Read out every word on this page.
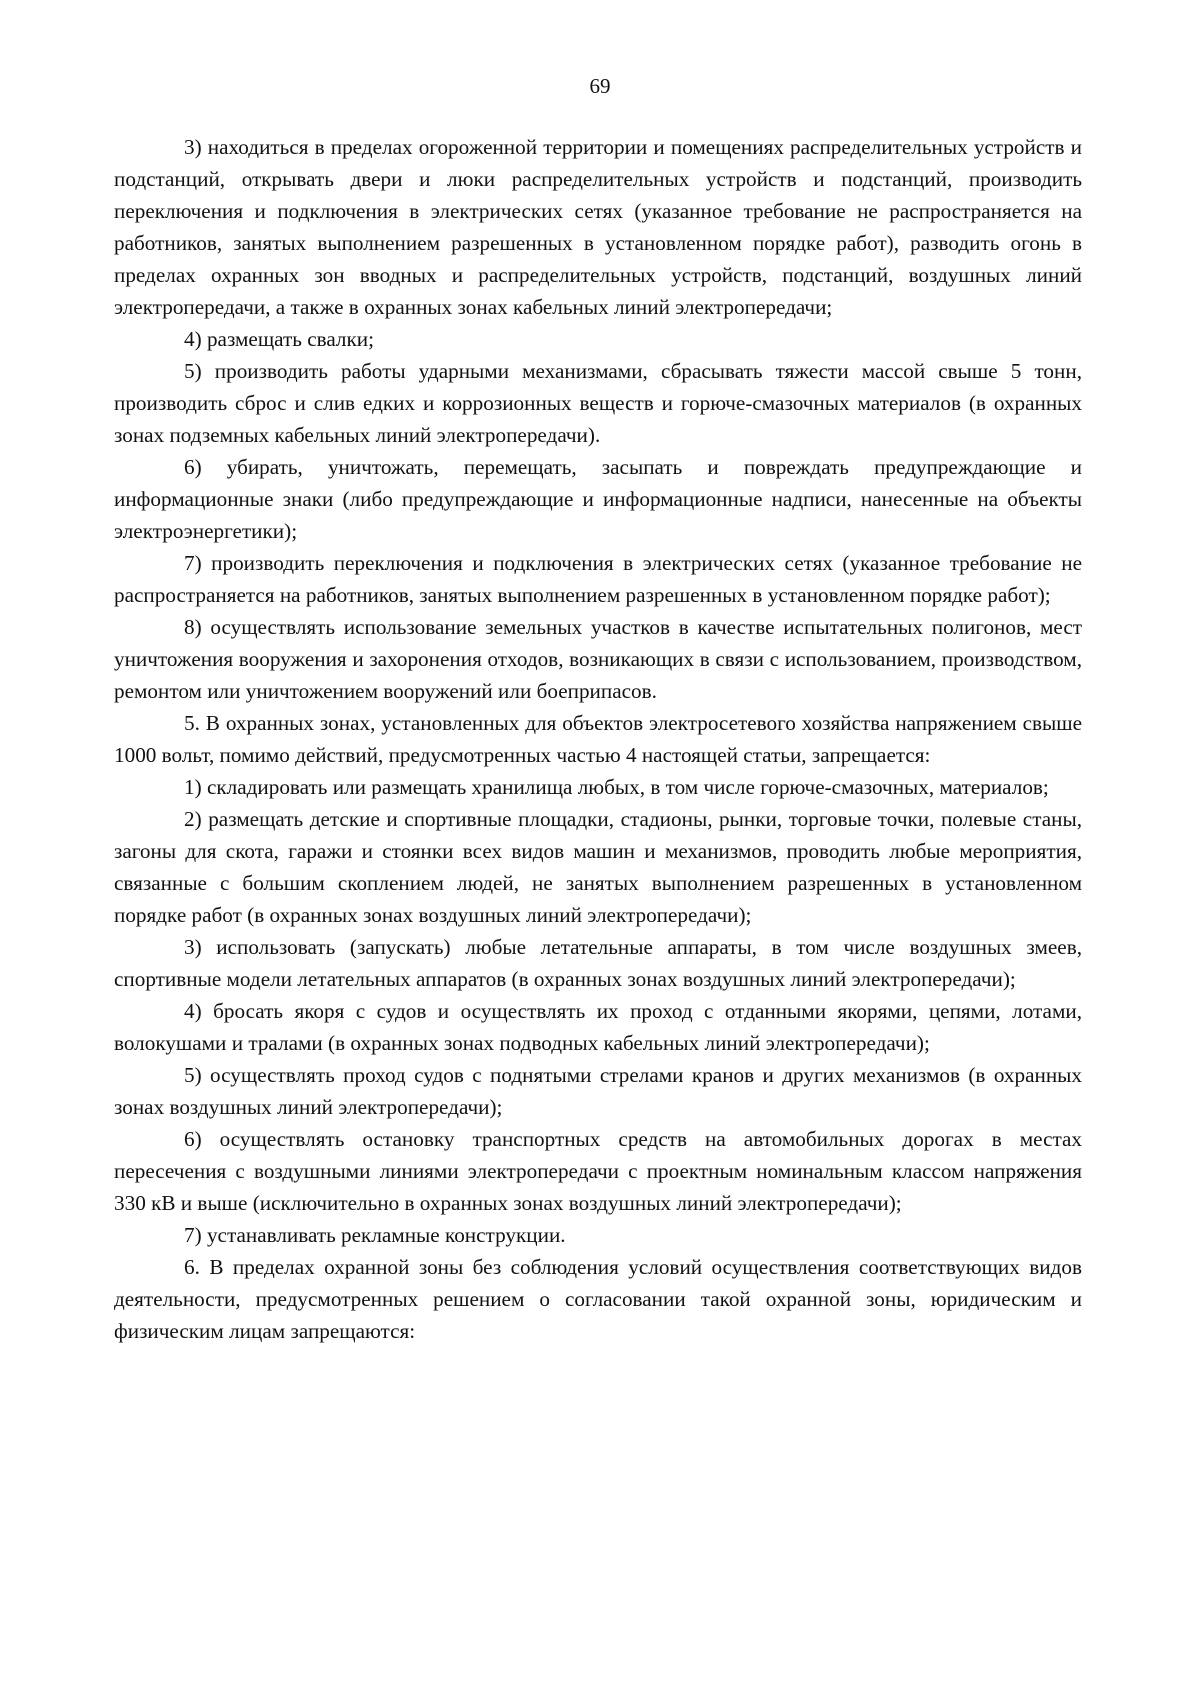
69

3) находиться в пределах огороженной территории и помещениях распределительных устройств и подстанций, открывать двери и люки распределительных устройств и подстанций, производить переключения и подключения в электрических сетях (указанное требование не распространяется на работников, занятых выполнением разрешенных в установленном порядке работ), разводить огонь в пределах охранных зон вводных и распределительных устройств, подстанций, воздушных линий электропередачи, а также в охранных зонах кабельных линий электропередачи;

4) размещать свалки;

5) производить работы ударными механизмами, сбрасывать тяжести массой свыше 5 тонн, производить сброс и слив едких и коррозионных веществ и горюче-смазочных материалов (в охранных зонах подземных кабельных линий электропередачи).

6) убирать, уничтожать, перемещать, засыпать и повреждать предупреждающие и информационные знаки (либо предупреждающие и информационные надписи, нанесенные на объекты электроэнергетики);

7) производить переключения и подключения в электрических сетях (указанное требование не распространяется на работников, занятых выполнением разрешенных в установленном порядке работ);

8) осуществлять использование земельных участков в качестве испытательных полигонов, мест уничтожения вооружения и захоронения отходов, возникающих в связи с использованием, производством, ремонтом или уничтожением вооружений или боеприпасов.

5. В охранных зонах, установленных для объектов электросетевого хозяйства напряжением свыше 1000 вольт, помимо действий, предусмотренных частью 4 настоящей статьи, запрещается:

1) складировать или размещать хранилища любых, в том числе горюче-смазочных, материалов;

2) размещать детские и спортивные площадки, стадионы, рынки, торговые точки, полевые станы, загоны для скота, гаражи и стоянки всех видов машин и механизмов, проводить любые мероприятия, связанные с большим скоплением людей, не занятых выполнением разрешенных в установленном порядке работ (в охранных зонах воздушных линий электропередачи);

3) использовать (запускать) любые летательные аппараты, в том числе воздушных змеев, спортивные модели летательных аппаратов (в охранных зонах воздушных линий электропередачи);

4) бросать якоря с судов и осуществлять их проход с отданными якорями, цепями, лотами, волокушами и тралами (в охранных зонах подводных кабельных линий электропередачи);

5) осуществлять проход судов с поднятыми стрелами кранов и других механизмов (в охранных зонах воздушных линий электропередачи);

6) осуществлять остановку транспортных средств на автомобильных дорогах в местах пересечения с воздушными линиями электропередачи с проектным номинальным классом напряжения 330 кВ и выше (исключительно в охранных зонах воздушных линий электропередачи);

7) устанавливать рекламные конструкции.

6. В пределах охранной зоны без соблюдения условий осуществления соответствующих видов деятельности, предусмотренных решением о согласовании такой охранной зоны, юридическим и физическим лицам запрещаются:
